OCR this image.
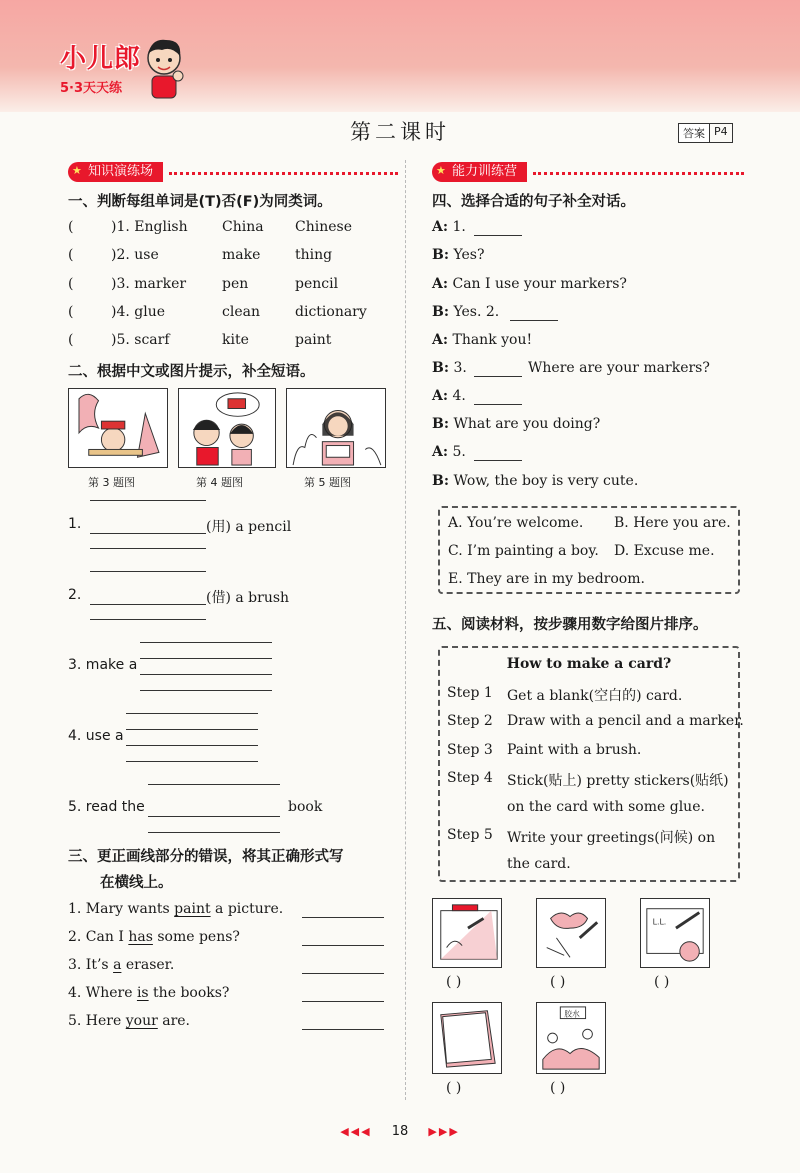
小儿郎
5·3天天练
第二课时	答案 P4
★ 知识演练场
一、判断每组单词是(T)否(F)为同类词。
(	)1. English China Chinese
(	)2. use	make thing
(	)3. marker	pen	pencil
(	)4. glue	clean	dictionary
(	)5. scarf	kite	paint
二、根据中文或图片提示，补全短语。
第 3 题图	第 4 题图	第 5 题图
1.	(用) a pencil
2.	(借) a brush
3. make a
4. use a
5. read the	book
三、更正画线部分的错误，将其正确形式写
在横线上。
1. Mary wants paint a picture.
2. Can I has some pens?
3. It’s a eraser.
4. Where is the books?
5. Here your are.
★ 能力训练营
四、选择合适的句子补全对话。
A: 1.
B: Yes?
A: Can I use your markers?
B: Yes. 2.
A: Thank you!
B: 3.	Where are your markers?
A: 4.
B: What are you doing?
A: 5.
B: Wow, the boy is very cute.
A. You’re welcome. B. Here you are.
C. I’m painting a boy. D. Excuse me.
E. They are in my bedroom.
五、阅读材料，按步骤用数字给图片排序。
How to make a card?
Step 1 Get a blank(空白的) card.
Step 2 Draw with a pencil and a marker.
Step 3 Paint with a brush.
Step 4 Stick(贴上) pretty stickers(贴纸)
on the card with some glue.
Step 5 Write your greetings(问候) on
the card.
L.L.
( )	( )	( )
胶水
( )	( )
◀◀◀ 18 ▶▶▶
